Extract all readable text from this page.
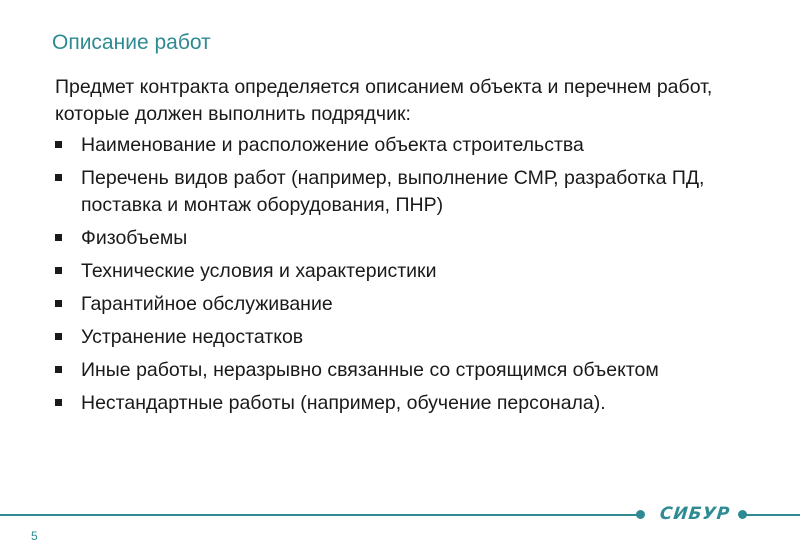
Описание работ
Предмет контракта определяется описанием объекта и перечнем работ, которые должен выполнить подрядчик:
Наименование и расположение объекта строительства
Перечень видов работ (например, выполнение СМР, разработка ПД, поставка и монтаж оборудования, ПНР)
Физобъемы
Технические условия и характеристики
Гарантийное обслуживание
Устранение недостатков
Иные работы, неразрывно связанные со строящимся объектом
Нестандартные работы (например, обучение персонала).
СИБУР
5
